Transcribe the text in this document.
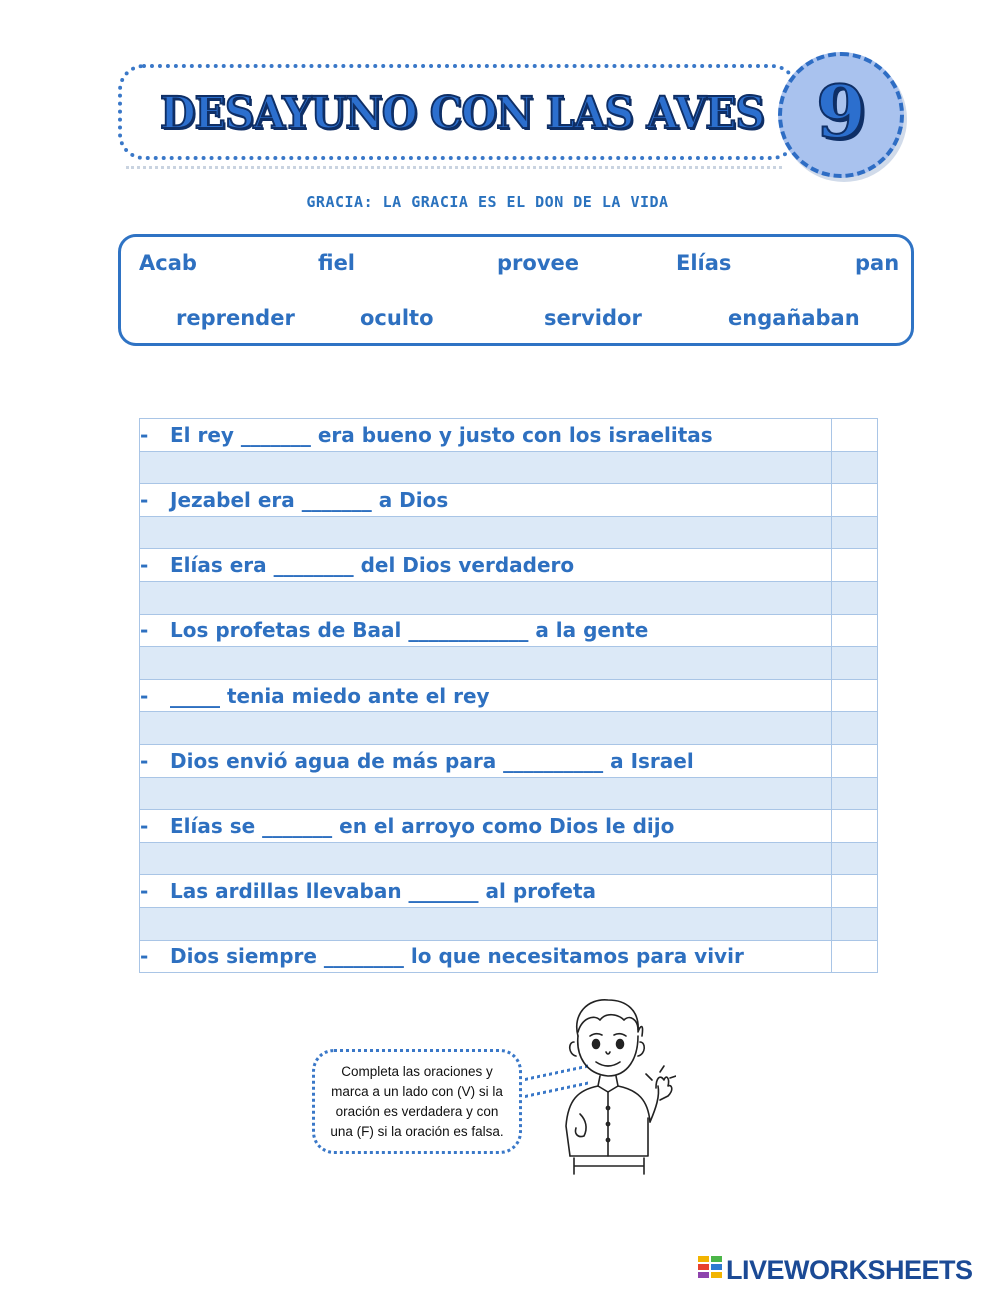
DESAYUNO CON LAS AVES 9
GRACIA: LA GRACIA ES EL DON DE LA VIDA
Acab	fiel	provee	Elías	pan
reprender	oculto	servidor	engañaban
- El rey _______ era bueno y justo con los israelitas	

- Jezabel era _______ a Dios	

- Elías era ________ del Dios verdadero	

- Los profetas de Baal ____________ a la gente	

- _____ tenia miedo ante el rey	

- Dios envió agua de más para __________ a Israel	

- Elías se _______ en el arroyo como Dios le dijo	

- Las ardillas llevaban _______ al profeta	

- Dios siempre ________ lo que necesitamos para vivir	
Completa las oraciones y marca a un lado con (V) si la oración es verdadera y con una (F) si la oración es falsa.
LIVEWORKSHEETS
